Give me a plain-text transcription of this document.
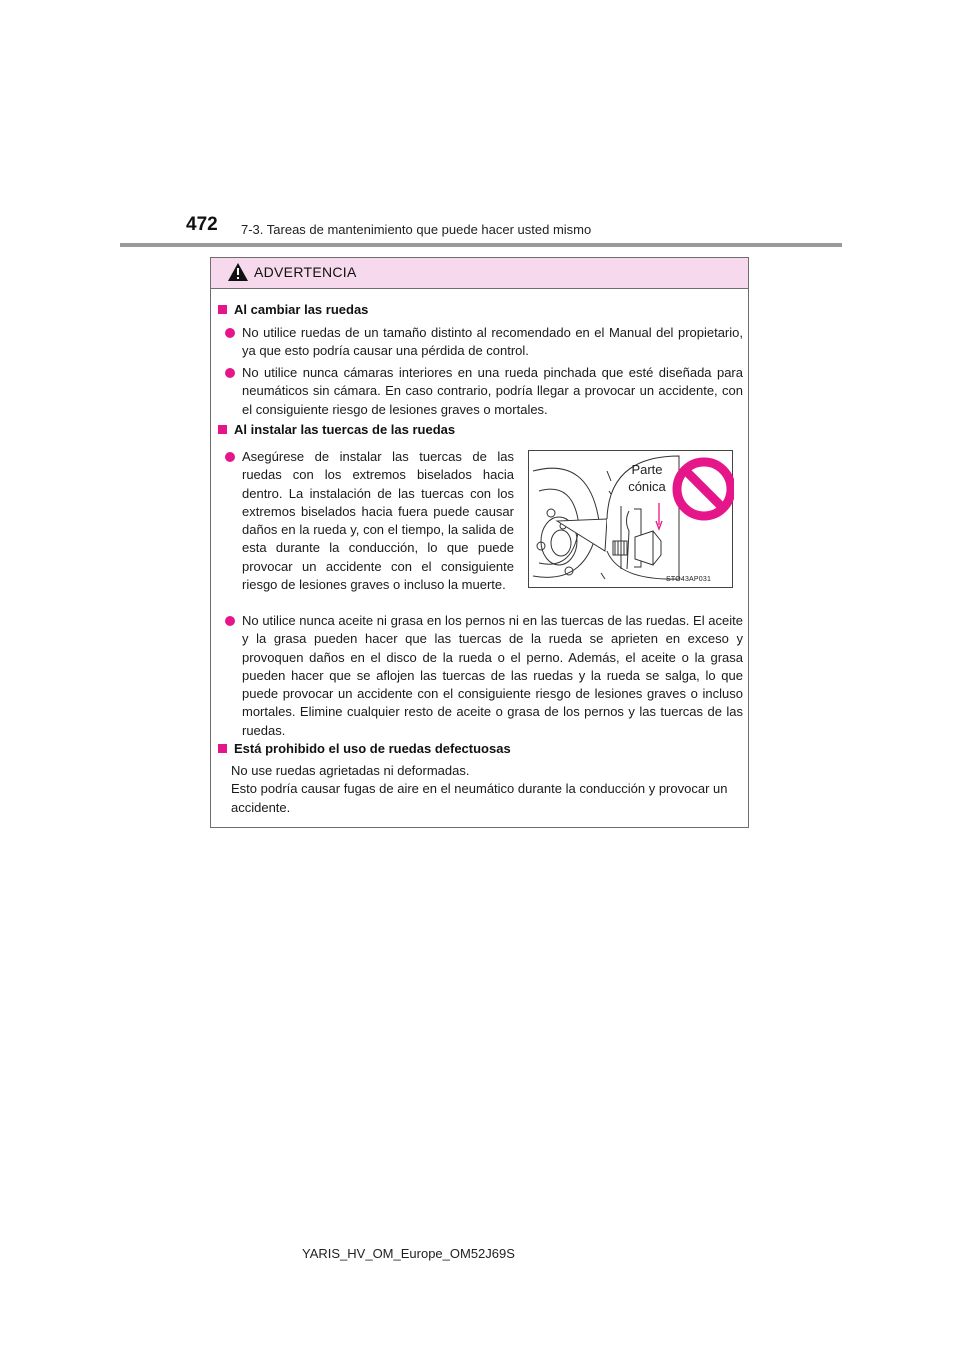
472 7-3. Tareas de mantenimiento que puede hacer usted mismo
ADVERTENCIA
Al cambiar las ruedas
No utilice ruedas de un tamaño distinto al recomendado en el Manual del propietario, ya que esto podría causar una pérdida de control.
No utilice nunca cámaras interiores en una rueda pinchada que esté diseñada para neumáticos sin cámara. En caso contrario, podría llegar a provocar un accidente, con el consiguiente riesgo de lesiones graves o mortales.
Al instalar las tuercas de las ruedas
Asegúrese de instalar las tuercas de las ruedas con los extremos biselados hacia dentro. La instalación de las tuercas con los extremos biselados hacia fuera puede causar daños en la rueda y, con el tiempo, la salida de esta durante la conducción, lo que puede provocar un accidente con el consiguiente riesgo de lesiones graves o incluso la muerte.
Parte
cónica
STO43AP031
No utilice nunca aceite ni grasa en los pernos ni en las tuercas de las ruedas. El aceite y la grasa pueden hacer que las tuercas de la rueda se aprieten en exceso y provoquen daños en el disco de la rueda o el perno. Además, el aceite o la grasa pueden hacer que se aflojen las tuercas de las ruedas y la rueda se salga, lo que puede provocar un accidente con el consiguiente riesgo de lesiones graves o incluso mortales. Elimine cualquier resto de aceite o grasa de los pernos y las tuercas de las ruedas.
Está prohibido el uso de ruedas defectuosas
No use ruedas agrietadas ni deformadas.
Esto podría causar fugas de aire en el neumático durante la conducción y provocar un accidente.
YARIS_HV_OM_Europe_OM52J69S
